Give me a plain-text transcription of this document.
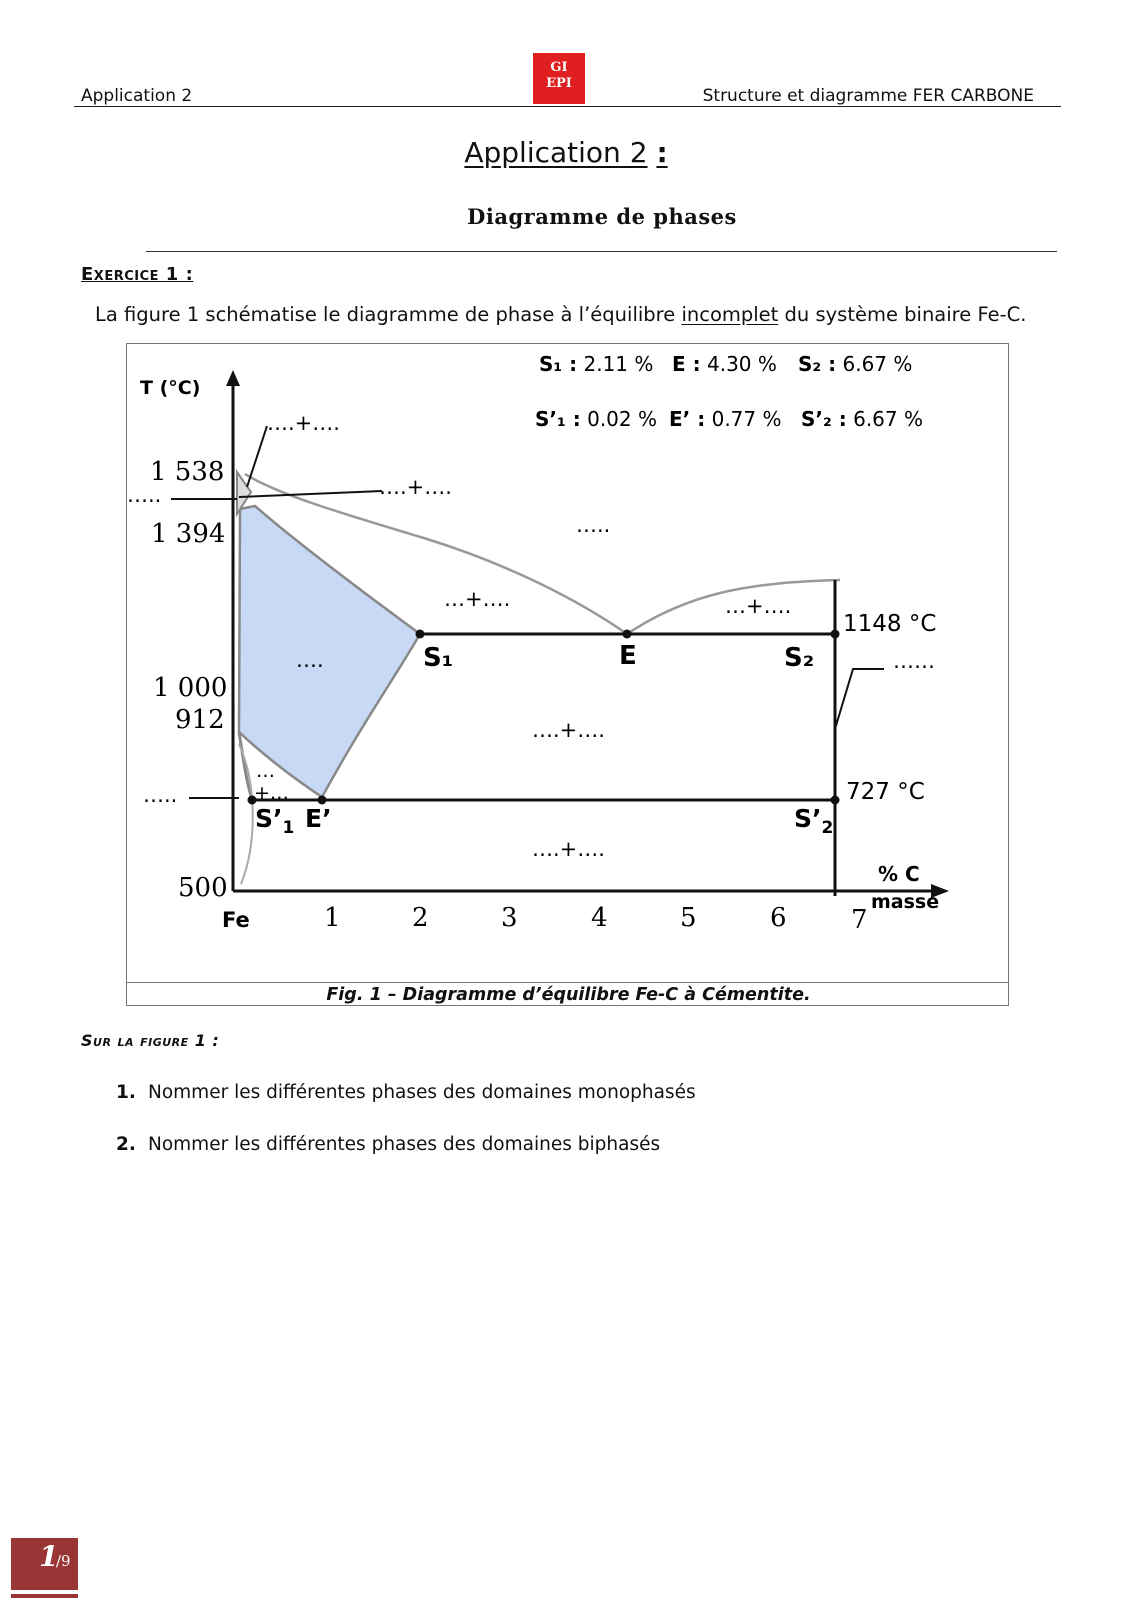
Application 2
GI
EPI
Structure et diagramme FER CARBONE
Application 2 :
Diagramme de phases
Exercice 1 :
La figure 1 schématise le diagramme de phase à l’équilibre incomplet du système binaire Fe-C.
S₁ : 2.11 % E : 4.30 % S₂ : 6.67 %
S’₁ : 0.02 % E’ : 0.77 % S’₂ : 6.67 %
T (°C)
% C
masse
Fe
1 538
1 394
1 000
912
500
1	2	3	4	5	6 7
S₁	E	S₂
$S’_1$ E’	$S’_2$
1148 °C
727 °C
….+….
….+….
…..
…..
…+….	…+….
……
….
….+….
…
+…
…..
….+….
Fig. 1 – Diagramme d’équilibre Fe-C à Cémentite.
Sur la figure 1 :
1. Nommer les différentes phases des domaines monophasés
2. Nommer les différentes phases des domaines biphasés
1
/9
